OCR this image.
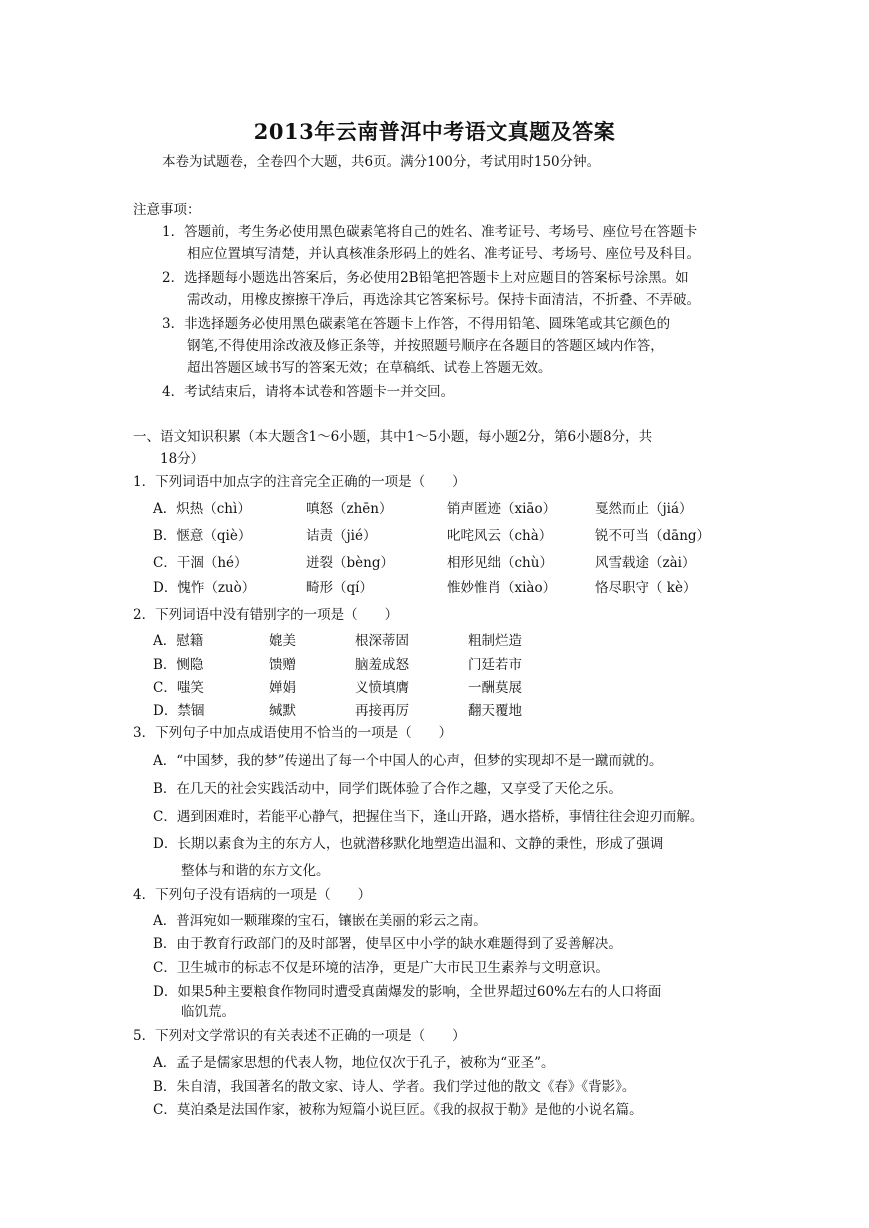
2013年云南普洱中考语文真题及答案
本卷为试题卷，全卷四个大题，共6页。满分100分，考试用时150分钟。
注意事项：
1．答题前，考生务必使用黑色碳素笔将自己的姓名、准考证号、考场号、座位号在答题卡
相应位置填写清楚，并认真核准条形码上的姓名、准考证号、考场号、座位号及科目。
2．选择题每小题选出答案后，务必使用2B铅笔把答题卡上对应题目的答案标号涂黑。如
需改动，用橡皮擦擦干净后，再选涂其它答案标号。保持卡面清洁，不折叠、不弄破。
3．非选择题务必使用黑色碳素笔在答题卡上作答，不得用铅笔、圆珠笔或其它颜色的
钢笔,不得使用涂改液及修正条等，并按照题号顺序在各题目的答题区域内作答，
超出答题区域书写的答案无效；在草稿纸、试卷上答题无效。
4．考试结束后，请将本试卷和答题卡一并交回。
一、语文知识积累（本大题含1～6小题，其中1～5小题，每小题2分，第6小题8分，共
18分）
1．下列词语中加点字的注音完全正确的一项是（　　）
A．炽热（chì）	嗔怒（zhēn）	销声匿迹（xiāo）	戛然而止（jiá）
B．惬意（qiè）	诘责（jié）	叱咤风云（chà）	锐不可当（dāng）
C．干涸（hé）	迸裂（bèng）	相形见绌（chù）	风雪载途（zài）
D．愧怍（zuò）	畸形（qí）	惟妙惟肖（xiào）	恪尽职守（ kè）
2．下列词语中没有错别字的一项是（　　）
A．慰籍	媲美	根深蒂固	粗制烂造
B．恻隐	馈赠	脑羞成怒	门廷若市
C．嗤笑	婵娟	义愤填膺	一酬莫展
D．禁锢	缄默	再接再厉	翻天覆地
3．下列句子中加点成语使用不恰当的一项是（　　）
A．“中国梦，我的梦”传递出了每一个中国人的心声，但梦的实现却不是一蹴而就的。
B．在几天的社会实践活动中，同学们既体验了合作之趣，又享受了天伦之乐。
C．遇到困难时，若能平心静气，把握住当下，逢山开路，遇水搭桥，事情往往会迎刃而解。
D．长期以素食为主的东方人，也就潜移默化地塑造出温和、文静的秉性，形成了强调
整体与和谐的东方文化。
4．下列句子没有语病的一项是（　　）
A．普洱宛如一颗璀璨的宝石，镶嵌在美丽的彩云之南。
B．由于教育行政部门的及时部署，使旱区中小学的缺水难题得到了妥善解决。
C．卫生城市的标志不仅是环境的洁净，更是广大市民卫生素养与文明意识。
D．如果5种主要粮食作物同时遭受真菌爆发的影响，全世界超过60%左右的人口将面
临饥荒。
5．下列对文学常识的有关表述不正确的一项是（　　）
A．孟子是儒家思想的代表人物，地位仅次于孔子，被称为“亚圣”。
B．朱自清，我国著名的散文家、诗人、学者。我们学过他的散文《春》《背影》。
C．莫泊桑是法国作家，被称为短篇小说巨匠。《我的叔叔于勒》是他的小说名篇。
